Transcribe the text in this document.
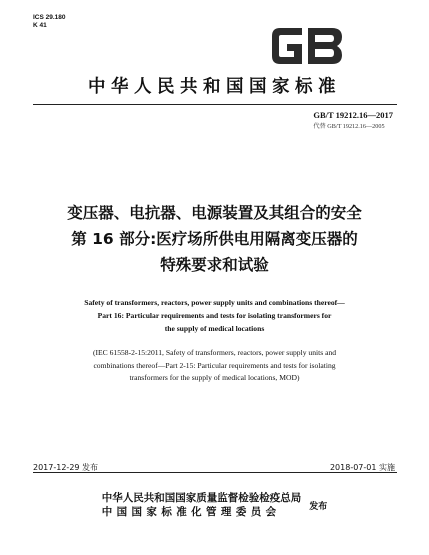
ICS 29.180
K 41
中华人民共和国国家标准
GB/T 19212.16—2017
代替 GB/T 19212.16—2005
变压器、电抗器、电源装置及其组合的安全
第 16 部分:医疗场所供电用隔离变压器的
特殊要求和试验
Safety of transformers, reactors, power supply units and combinations thereof—
Part 16: Particular requirements and tests for isolating transformers for
the supply of medical locations
(IEC 61558-2-15:2011, Safety of transformers, reactors, power supply units and
combinations thereof—Part 2-15: Particular requirements and tests for isolating
transformers for the supply of medical locations, MOD)
2017-12-29 发布	2018-07-01 实施
中华人民共和国国家质量监督检验检疫总局
中国国家标准化管理委员会	发布
